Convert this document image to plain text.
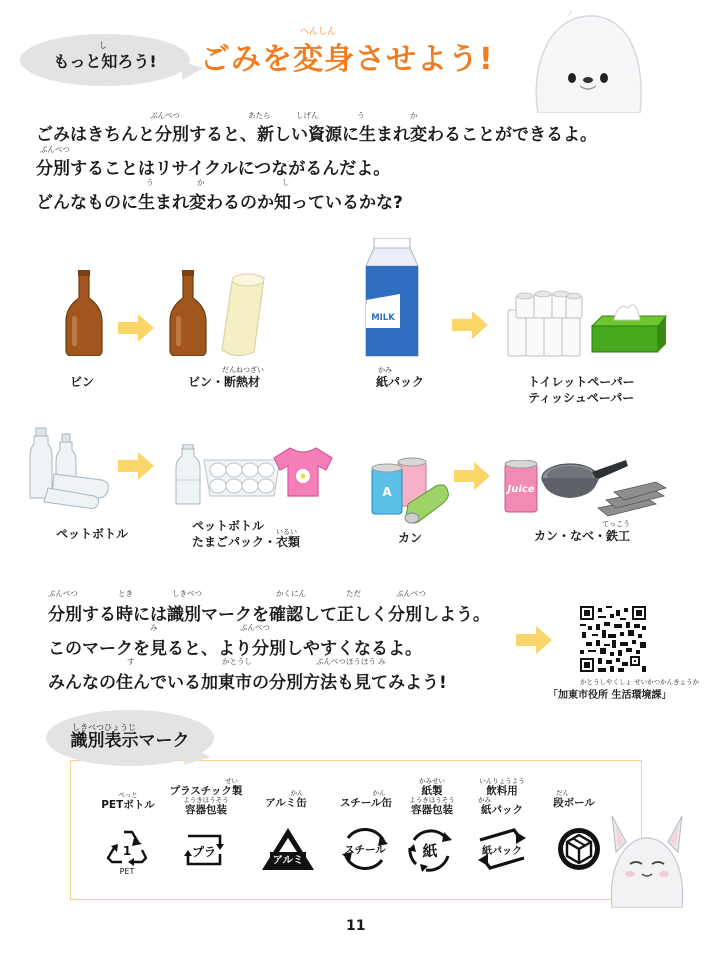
し
もっと知ろう!
へんしん
ごみを変身させよう!
ごみはきちんと分別すると、新しい資源に生まれ変わることができるよ。
ぶんべつ	あたら	しげん	う	か
分別することはリサイクルにつながるんだよ。
ぶんべつ
どんなものに生まれ変わるのか知っているかな?
う	か	し
ビン
だんねつざい
ビン・断熱材
MILK
かみ
紙パック	トイレットペーパー
ティッシュペーパー
ペットボトル
ペットボトル	いるい
たまごパック・衣類
A	Juice
カン
てっこう
カン・なべ・鉄工
分別する時には識別マークを確認して正しく分別しよう。
ぶんべつ	とき	しきべつ	かくにん	ただ	ぶんべつ
このマークを見ると、より分別しやすくなるよ。
み	ぶんべつ
みんなの住んでいる加東市の分別方法も見てみよう!
す	かとうし	ぶんべつほうほう み
かとうしやくしょ せいかつかんきょうか
「加東市役所 生活環境課」
しきべつひょうじ
識別表示マーク
ぺっと
PETボトル
1
PET
せい
プラスチック製
ようきほうそう
容器包装
プラ
かん
アルミ缶
アルミ
かん
スチール缶
スチール
かみせい
紙製
ようきほうそう
容器包装
紙
いんりょうよう
飲料用
かみ
紙パック
紙パック
だん
段ボール
11
